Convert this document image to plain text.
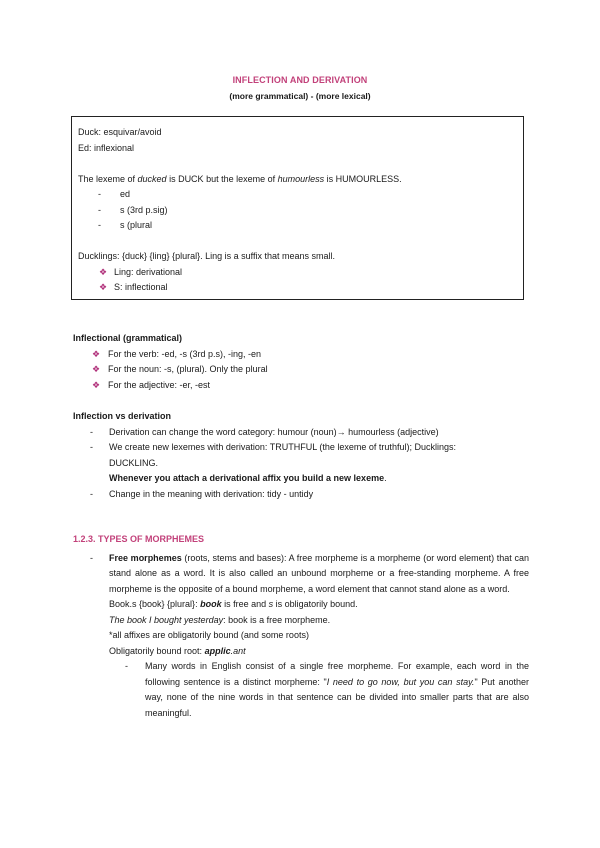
INFLECTION AND DERIVATION
(more grammatical) - (more lexical)
Duck: esquivar/avoid
Ed: inflexional
The lexeme of ducked is DUCK but the lexeme of humourless is HUMOURLESS.
- ed
- s (3rd p.sig)
- s (plural
Ducklings: {duck} {ling} {plural}. Ling is a suffix that means small.
❖ Ling: derivational
❖ S: inflectional
Inflectional (grammatical)
❖ For the verb: -ed, -s (3rd p.s), -ing, -en
❖ For the noun: -s, (plural). Only the plural
❖ For the adjective: -er, -est
Inflection vs derivation
- Derivation can change the word category: humour (noun)→ humourless (adjective)
- We create new lexemes with derivation: TRUTHFUL (the lexeme of truthful); Ducklings:
DUCKLING.
Whenever you attach a derivational affix you build a new lexeme.
- Change in the meaning with derivation: tidy - untidy
1.2.3. TYPES OF MORPHEMES
- Free morphemes (roots, stems and bases): A free morpheme is a morpheme (or word element) that can stand alone as a word. It is also called an unbound morpheme or a free-standing morpheme. A free morpheme is the opposite of a bound morpheme, a word element that cannot stand alone as a word.
Book.s {book} {plural}: book is free and s is obligatorily bound.
The book I bought yesterday: book is a free morpheme.
*all affixes are obligatorily bound (and some roots)
Obligatorily bound root: applic.ant
- Many words in English consist of a single free morpheme. For example, each word in the following sentence is a distinct morpheme: "I need to go now, but you can stay." Put another way, none of the nine words in that sentence can be divided into smaller parts that are also meaningful.
